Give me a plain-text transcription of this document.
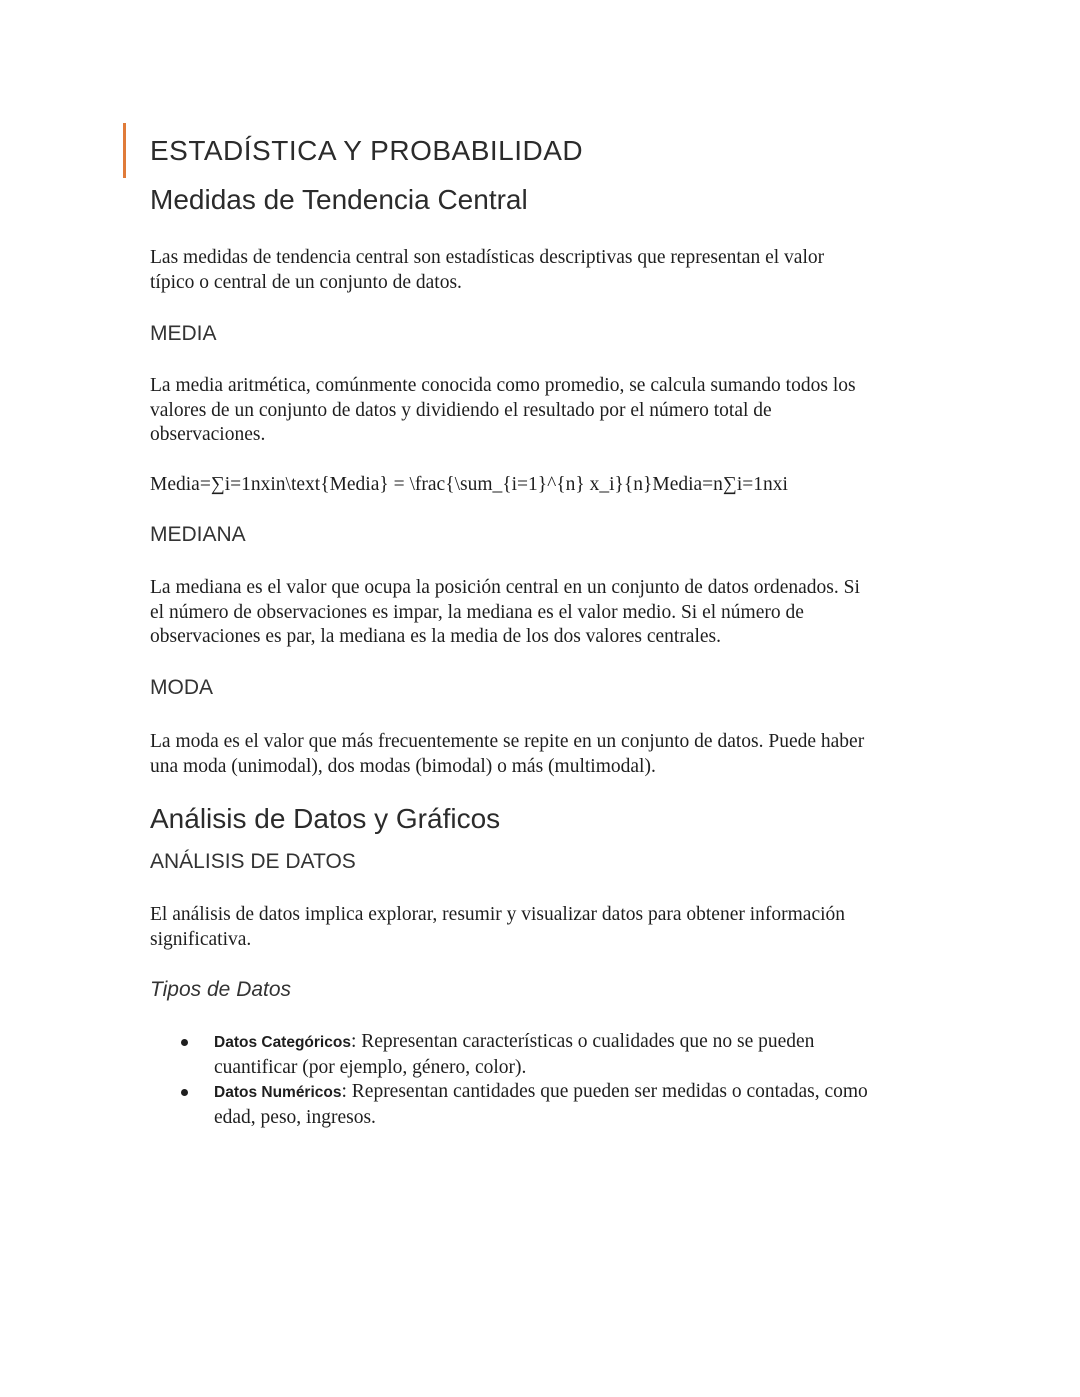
ESTADÍSTICA Y PROBABILIDAD
Medidas de Tendencia Central

Las medidas de tendencia central son estadísticas descriptivas que representan el valor
típico o central de un conjunto de datos.

MEDIA

La media aritmética, comúnmente conocida como promedio, se calcula sumando todos los
valores de un conjunto de datos y dividiendo el resultado por el número total de
observaciones.

Media=∑i=1nxin\text{Media} = \frac{\sum_{i=1}^{n} x_i}{n}Media=n∑i=1nxi

MEDIANA

La mediana es el valor que ocupa la posición central en un conjunto de datos ordenados. Si
el número de observaciones es impar, la mediana es el valor medio. Si el número de
observaciones es par, la mediana es la media de los dos valores centrales.

MODA

La moda es el valor que más frecuentemente se repite en un conjunto de datos. Puede haber
una moda (unimodal), dos modas (bimodal) o más (multimodal).

Análisis de Datos y Gráficos
ANÁLISIS DE DATOS

El análisis de datos implica explorar, resumir y visualizar datos para obtener información
significativa.

Tipos de Datos
Datos Categóricos: Representan características o cualidades que no se pueden
cuantificar (por ejemplo, género, color).
Datos Numéricos: Representan cantidades que pueden ser medidas o contadas, como
edad, peso, ingresos.
